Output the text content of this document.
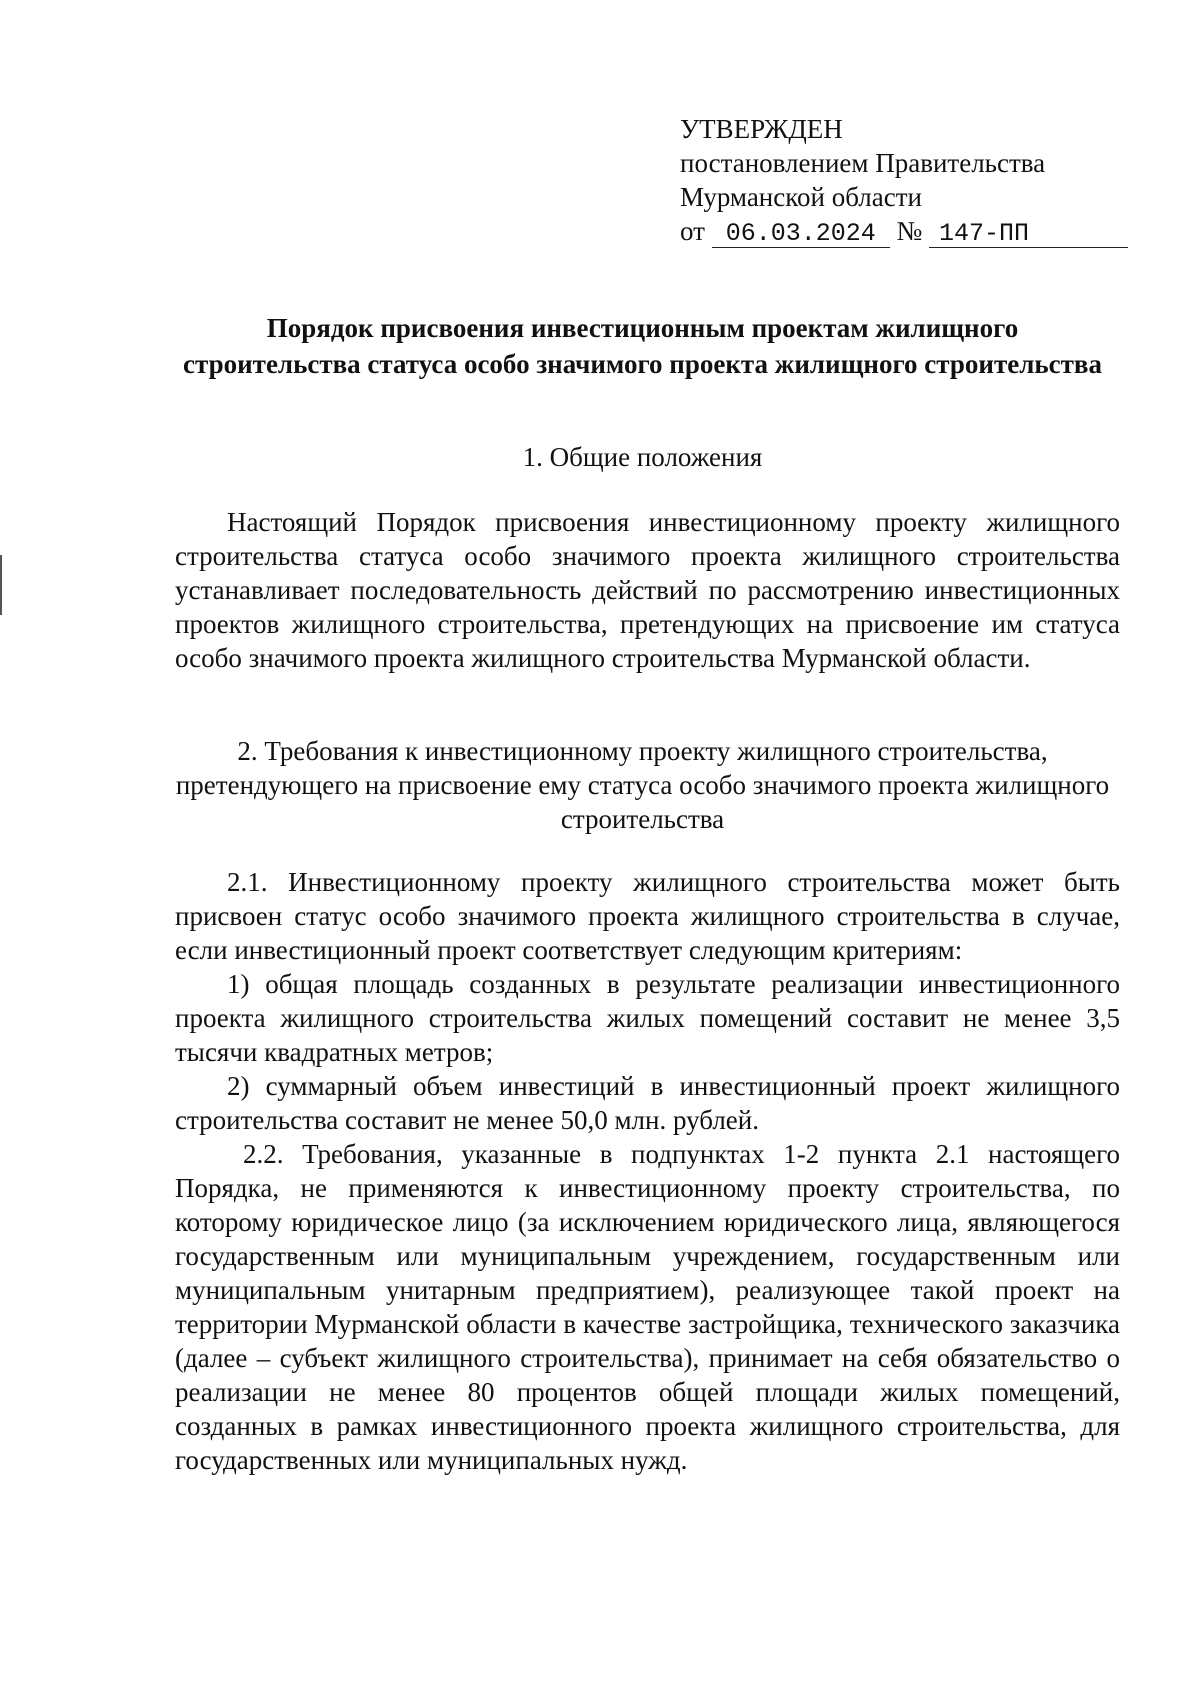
УТВЕРЖДЕН
постановлением Правительства
Мурманской области
от 06.03.2024 № 147-ПП
Порядок присвоения инвестиционным проектам жилищного строительства статуса особо значимого проекта жилищного строительства
1. Общие положения

Настоящий Порядок присвоения инвестиционному проекту жилищного строительства статуса особо значимого проекта жилищного строительства устанавливает последовательность действий по рассмотрению инвестиционных проектов жилищного строительства, претендующих на присвоение им статуса особо значимого проекта жилищного строительства Мурманской области.

2. Требования к инвестиционному проекту жилищного строительства, претендующего на присвоение ему статуса особо значимого проекта жилищного строительства

2.1. Инвестиционному проекту жилищного строительства может быть присвоен статус особо значимого проекта жилищного строительства в случае, если инвестиционный проект соответствует следующим критериям:

1) общая площадь созданных в результате реализации инвестиционного проекта жилищного строительства жилых помещений составит не менее 3,5 тысячи квадратных метров;

2) суммарный объем инвестиций в инвестиционный проект жилищного строительства составит не менее 50,0 млн. рублей.

2.2. Требования, указанные в подпунктах 1-2 пункта 2.1 настоящего Порядка, не применяются к инвестиционному проекту строительства, по которому юридическое лицо (за исключением юридического лица, являющегося государственным или муниципальным учреждением, государственным или муниципальным унитарным предприятием), реализующее такой проект на территории Мурманской области в качестве застройщика, технического заказчика (далее – субъект жилищного строительства), принимает на себя обязательство о реализации не менее 80 процентов общей площади жилых помещений, созданных в рамках инвестиционного проекта жилищного строительства, для государственных или муниципальных нужд.
